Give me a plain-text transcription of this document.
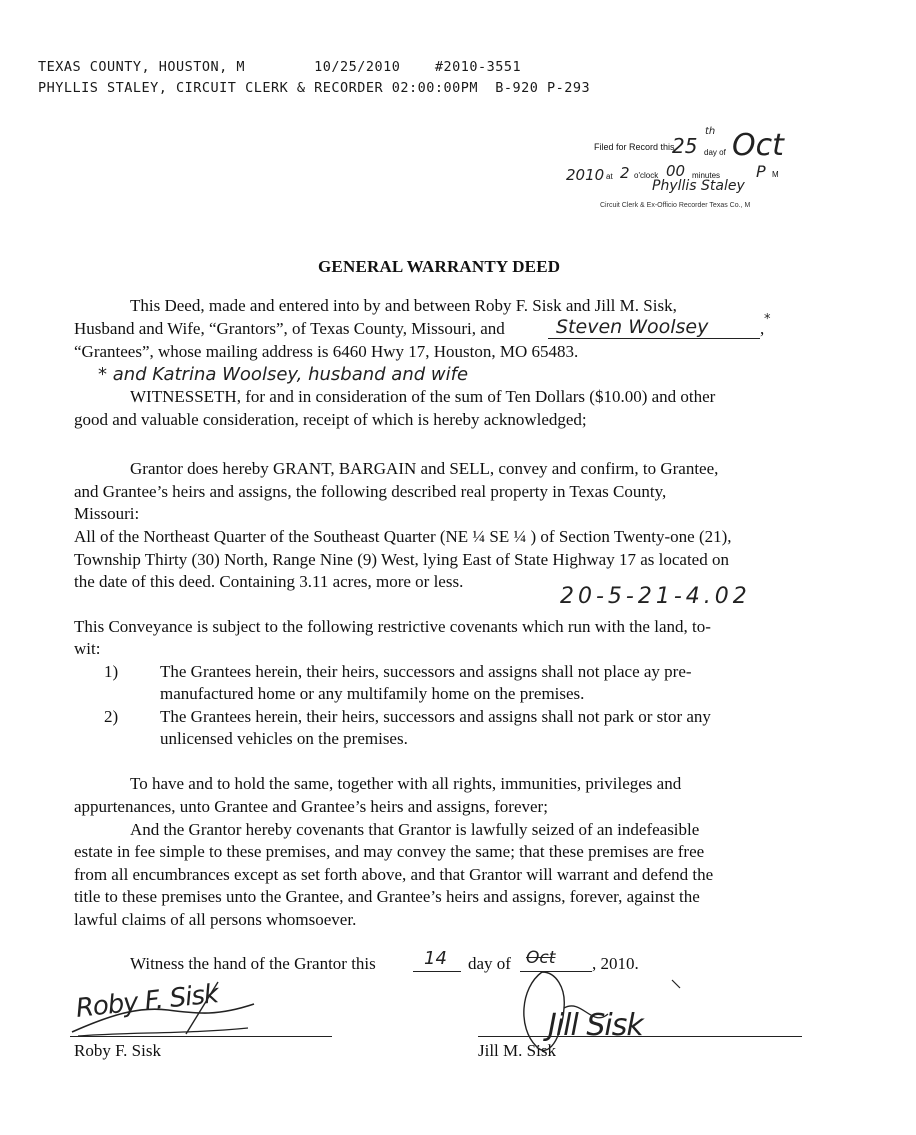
TEXAS COUNTY, HOUSTON, M        10/25/2010    #2010-3551
PHYLLIS STALEY, CIRCUIT CLERK & RECORDER 02:00:00PM  B-920 P-293
Filed for Record this
25
th
day of Oct
2010 at 2 o'clock 00 minutes P M
Phyllis Staley
Circuit Clerk & Ex-Officio Recorder Texas Co., M
GENERAL WARRANTY DEED
This Deed, made and entered into by and between Roby F. Sisk and Jill M. Sisk,
Husband and Wife, “Grantors”, of Texas County, Missouri, and	Steven Woolsey	*
,
“Grantees”, whose mailing address is 6460 Hwy 17, Houston, MO 65483.
* and Katrina Woolsey, husband and wife
WITNESSETH, for and in consideration of the sum of Ten Dollars ($10.00) and other
good and valuable consideration, receipt of which is hereby acknowledged;
Grantor does hereby GRANT, BARGAIN and SELL, convey and confirm, to Grantee,
and Grantee’s heirs and assigns, the following described real property in Texas County,
Missouri:
All of the Northeast Quarter of the Southeast Quarter (NE ¼ SE ¼ ) of Section Twenty-one (21),
Township Thirty (30) North, Range Nine (9) West, lying East of State Highway 17 as located on
the date of this deed. Containing 3.11 acres, more or less.
20-5-21-4.02
This Conveyance is subject to the following restrictive covenants which run with the land, to-
wit:
1) The Grantees herein, their heirs, successors and assigns shall not place ay pre-
manufactured home or any multifamily home on the premises.
2) The Grantees herein, their heirs, successors and assigns shall not park or stor any
unlicensed vehicles on the premises.
To have and to hold the same, together with all rights, immunities, privileges and
appurtenances, unto Grantee and Grantee’s heirs and assigns, forever;
And the Grantor hereby covenants that Grantor is lawfully seized of an indefeasible
estate in fee simple to these premises, and may convey the same; that these premises are free
from all encumbrances except as set forth above, and that Grantor will warrant and defend the
title to these premises unto the Grantee, and Grantee’s heirs and assigns, forever, against the
lawful claims of all persons whomsoever.
Witness the hand of the Grantor this	14 day of Oct , 2010.
Roby F. Sisk
Roby F. Sisk
Jill M. Sisk
Jill Sisk
